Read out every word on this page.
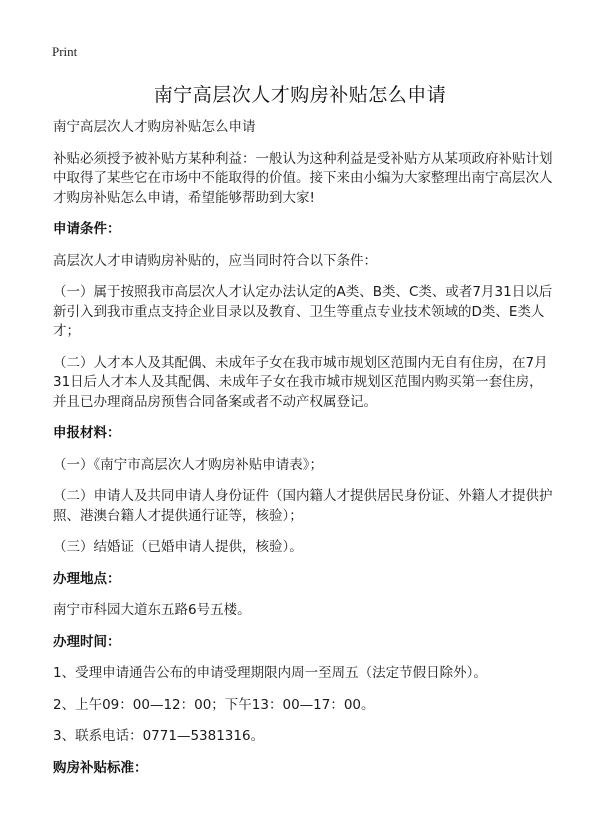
Print
南宁高层次人才购房补贴怎么申请

南宁高层次人才购房补贴怎么申请

补贴必须授予被补贴方某种利益：一般认为这种利益是受补贴方从某项政府补贴计划中取得了某些它在市场中不能取得的价值。接下来由小编为大家整理出南宁高层次人才购房补贴怎么申请，希望能够帮助到大家!

申请条件：

高层次人才申请购房补贴的，应当同时符合以下条件：

（一）属于按照我市高层次人才认定办法认定的A类、B类、C类、或者7月31日以后新引入到我市重点支持企业目录以及教育、卫生等重点专业技术领域的D类、E类人才；

（二）人才本人及其配偶、未成年子女在我市城市规划区范围内无自有住房，在7月31日后人才本人及其配偶、未成年子女在我市城市规划区范围内购买第一套住房，并且已办理商品房预售合同备案或者不动产权属登记。

申报材料：

（一）《南宁市高层次人才购房补贴申请表》；

（二）申请人及共同申请人身份证件（国内籍人才提供居民身份证、外籍人才提供护照、港澳台籍人才提供通行证等，核验）；

（三）结婚证（已婚申请人提供，核验）。

办理地点：

南宁市科园大道东五路6号五楼。

办理时间：

1、受理申请通告公布的申请受理期限内周一至周五（法定节假日除外）。

2、上午09：00—12：00；下午13：00—17：00。

3、联系电话：0771—5381316。

购房补贴标准：
